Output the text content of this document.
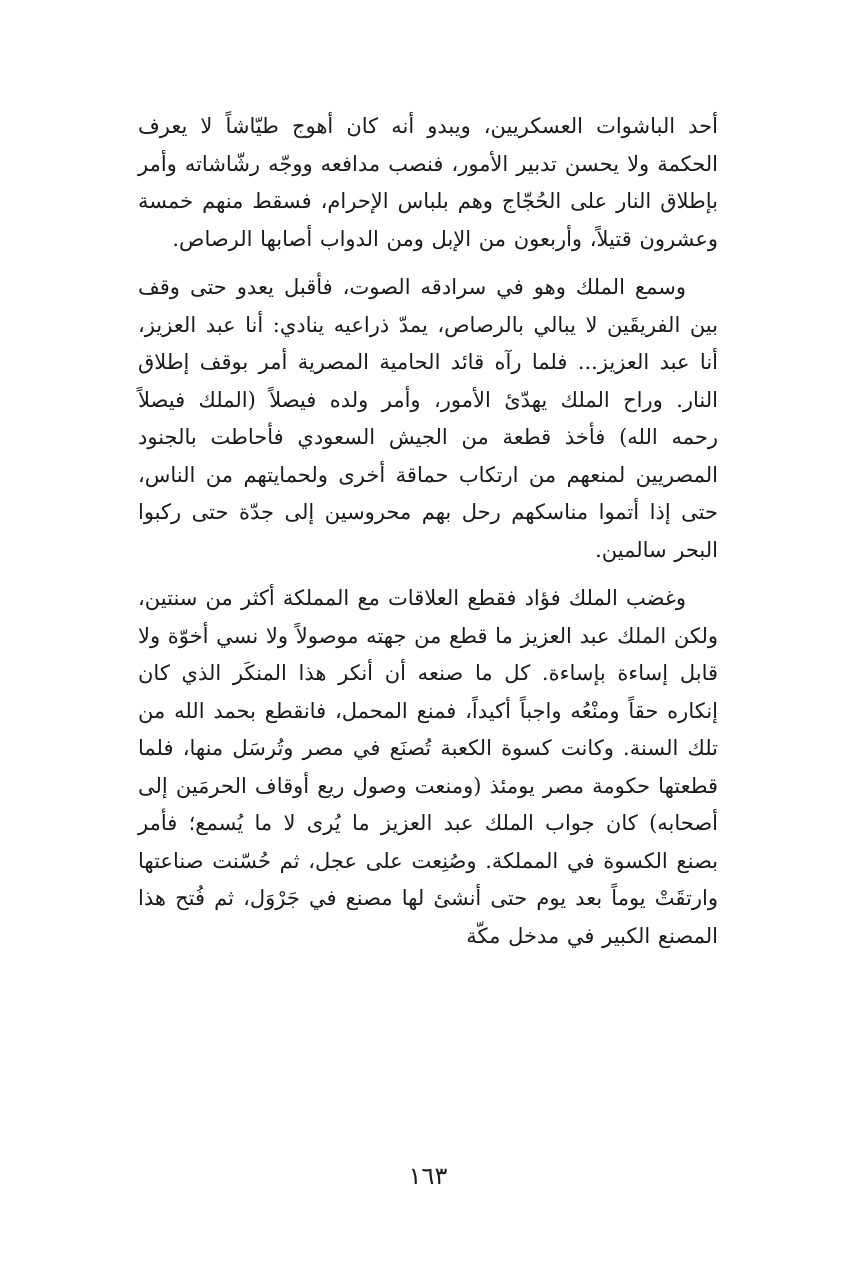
أحد الباشوات العسكريين، ويبدو أنه كان أهوج طيّاشاً لا يعرف الحكمة ولا يحسن تدبير الأمور، فنصب مدافعه ووجّه رشّاشاته وأمر بإطلاق النار على الحُجّاج وهم بلباس الإحرام، فسقط منهم خمسة وعشرون قتيلاً، وأربعون من الإبل ومن الدواب أصابها الرصاص.

وسمع الملك وهو في سرادقه الصوت، فأقبل يعدو حتى وقف بين الفريقَين لا يبالي بالرصاص، يمدّ ذراعيه ينادي: أنا عبد العزيز، أنا عبد العزيز... فلما رآه قائد الحامية المصرية أمر بوقف إطلاق النار. وراح الملك يهدّئ الأمور، وأمر ولده فيصلاً (الملك فيصلاً رحمه الله) فأخذ قطعة من الجيش السعودي فأحاطت بالجنود المصريين لمنعهم من ارتكاب حماقة أخرى ولحمايتهم من الناس، حتى إذا أتموا مناسكهم رحل بهم محروسين إلى جدّة حتى ركبوا البحر سالمين.

وغضب الملك فؤاد فقطع العلاقات مع المملكة أكثر من سنتين، ولكن الملك عبد العزيز ما قطع من جهته موصولاً ولا نسي أخوّة ولا قابل إساءة بإساءة. كل ما صنعه أن أنكر هذا المنكَر الذي كان إنكاره حقاً ومنْعُه واجباً أكيداً، فمنع المحمل، فانقطع بحمد الله من تلك السنة. وكانت كسوة الكعبة تُصنَع في مصر وتُرسَل منها، فلما قطعتها حكومة مصر يومئذ (ومنعت وصول ريع أوقاف الحرمَين إلى أصحابه) كان جواب الملك عبد العزيز ما يُرى لا ما يُسمع؛ فأمر بصنع الكسوة في المملكة. وصُنِعت على عجل، ثم حُسّنت صناعتها وارتقَتْ يوماً بعد يوم حتى أنشئ لها مصنع في جَرْوَل، ثم فُتح هذا المصنع الكبير في مدخل مكّة

١٦٣
